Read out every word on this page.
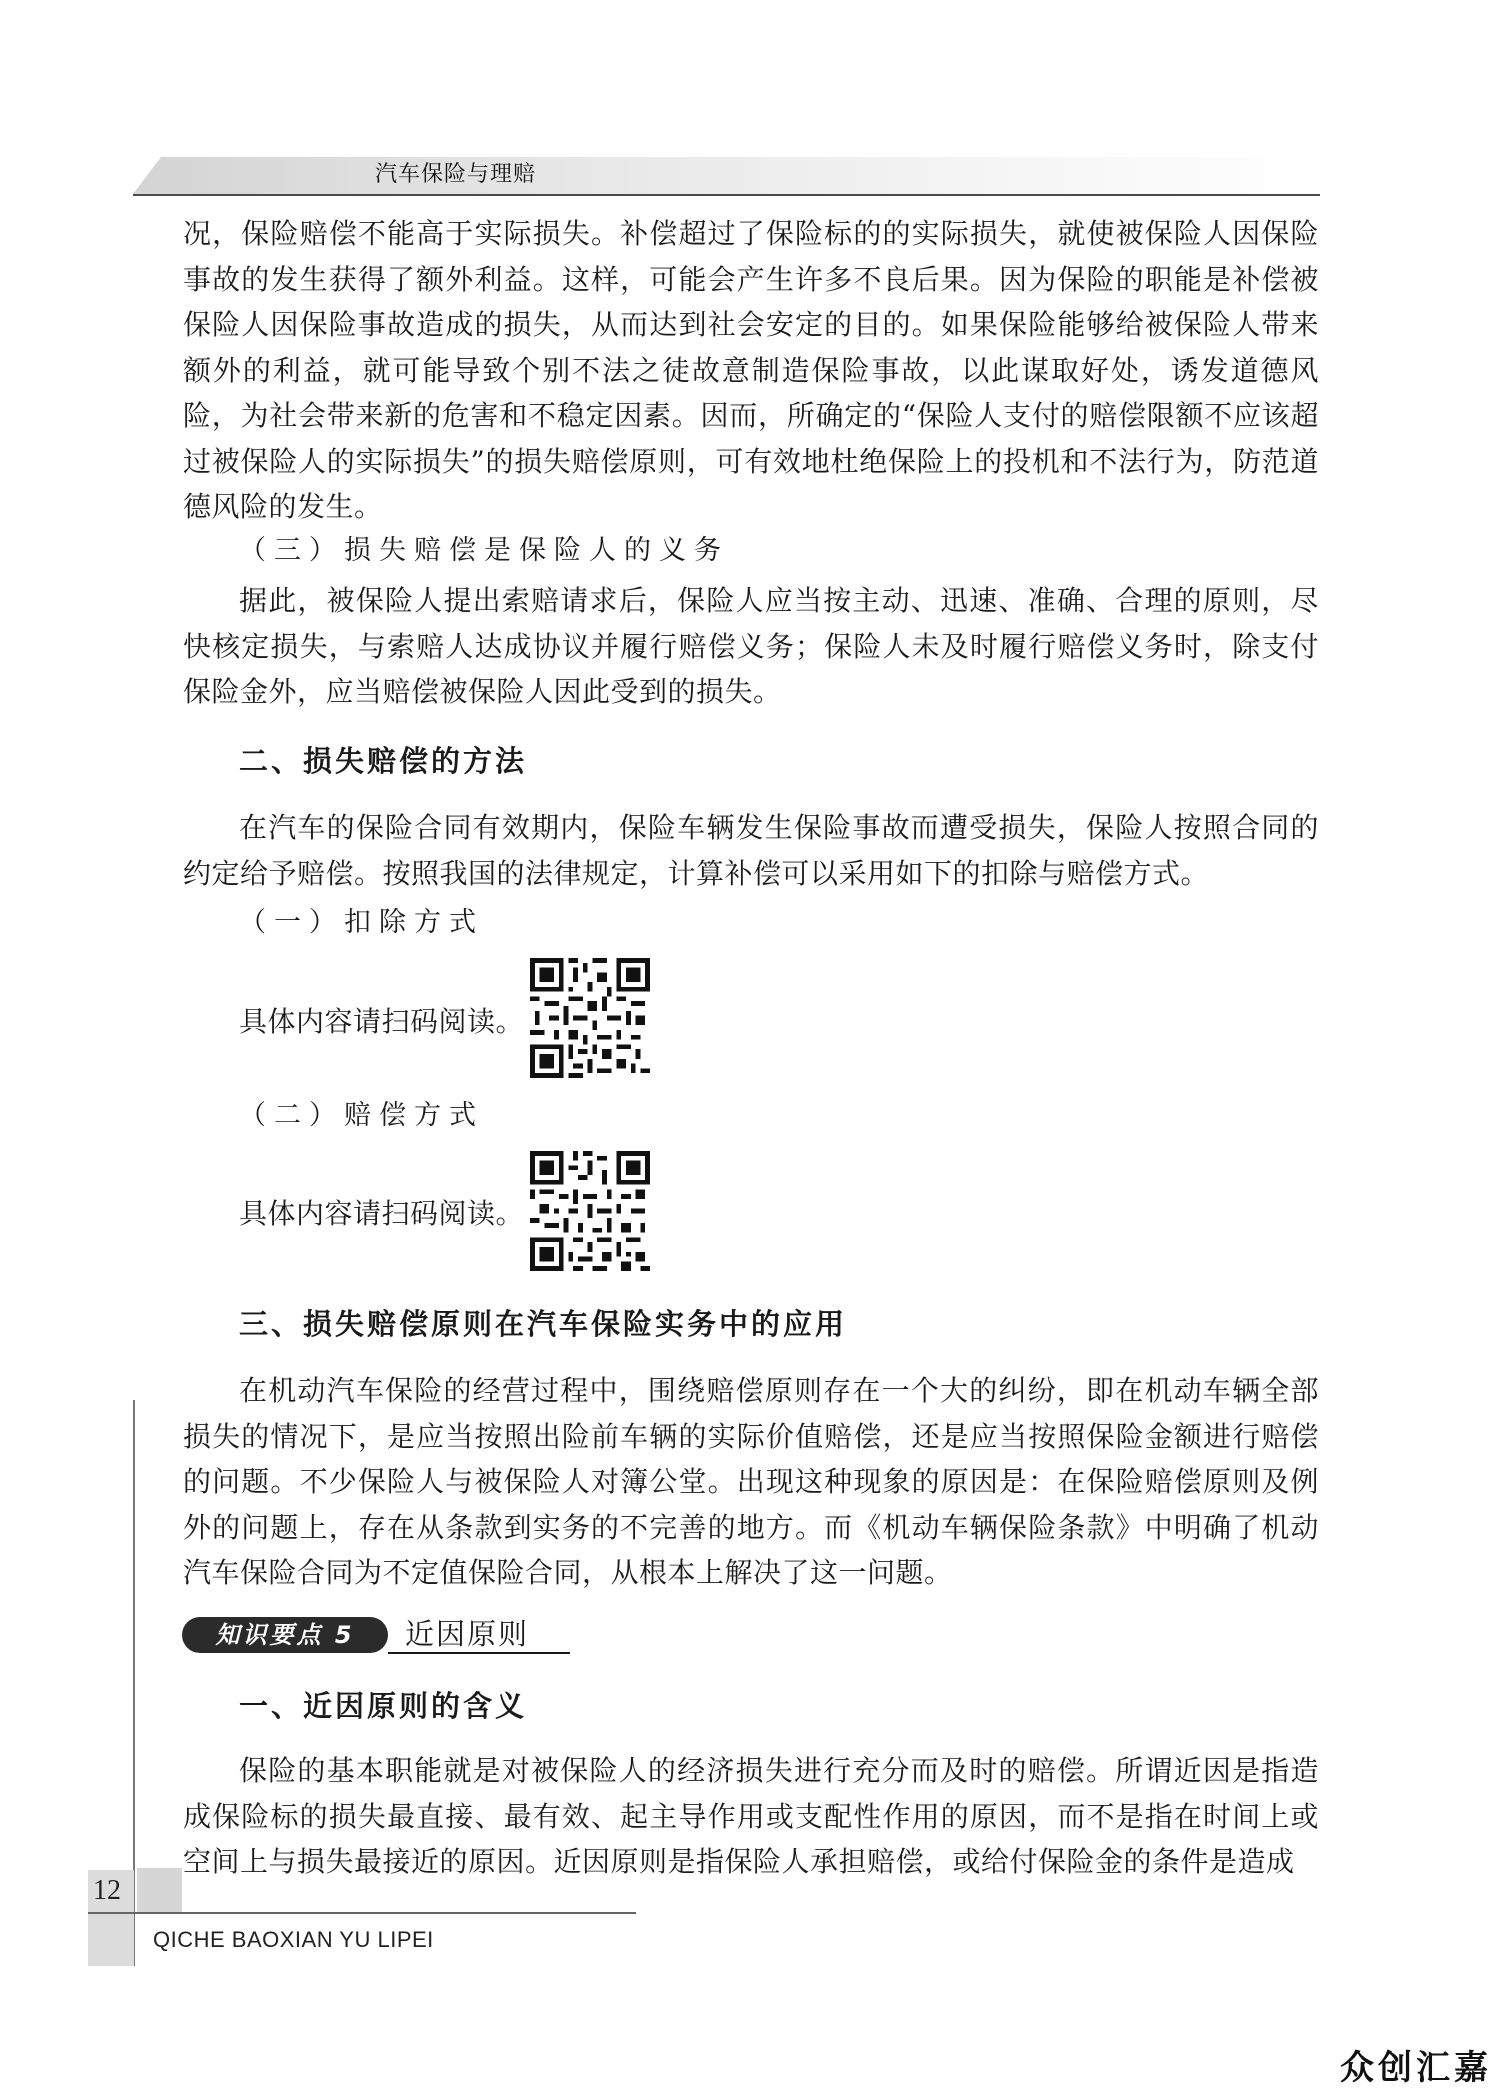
汽车保险与理赔
况，保险赔偿不能高于实际损失。补偿超过了保险标的的实际损失，就使被保险人因保险事故的发生获得了额外利益。这样，可能会产生许多不良后果。因为保险的职能是补偿被保险人因保险事故造成的损失，从而达到社会安定的目的。如果保险能够给被保险人带来额外的利益，就可能导致个别不法之徒故意制造保险事故，以此谋取好处，诱发道德风险，为社会带来新的危害和不稳定因素。因而，所确定的“保险人支付的赔偿限额不应该超过被保险人的实际损失”的损失赔偿原则，可有效地杜绝保险上的投机和不法行为，防范道德风险的发生。
（三）损失赔偿是保险人的义务
据此，被保险人提出索赔请求后，保险人应当按主动、迅速、准确、合理的原则，尽快核定损失，与索赔人达成协议并履行赔偿义务；保险人未及时履行赔偿义务时，除支付保险金外，应当赔偿被保险人因此受到的损失。
二、损失赔偿的方法
在汽车的保险合同有效期内，保险车辆发生保险事故而遭受损失，保险人按照合同的约定给予赔偿。按照我国的法律规定，计算补偿可以采用如下的扣除与赔偿方式。
（一）扣除方式
具体内容请扫码阅读。
（二）赔偿方式
具体内容请扫码阅读。
三、损失赔偿原则在汽车保险实务中的应用
在机动汽车保险的经营过程中，围绕赔偿原则存在一个大的纠纷，即在机动车辆全部损失的情况下，是应当按照出险前车辆的实际价值赔偿，还是应当按照保险金额进行赔偿的问题。不少保险人与被保险人对簿公堂。出现这种现象的原因是：在保险赔偿原则及例外的问题上，存在从条款到实务的不完善的地方。而《机动车辆保险条款》中明确了机动汽车保险合同为不定值保险合同，从根本上解决了这一问题。
知识要点 5	近因原则
一、近因原则的含义
保险的基本职能就是对被保险人的经济损失进行充分而及时的赔偿。所谓近因是指造成保险标的损失最直接、最有效、起主导作用或支配性作用的原因，而不是指在时间上或空间上与损失最接近的原因。近因原则是指保险人承担赔偿，或给付保险金的条件是造成
12
QICHE BAOXIAN YU LIPEI
众创汇嘉
